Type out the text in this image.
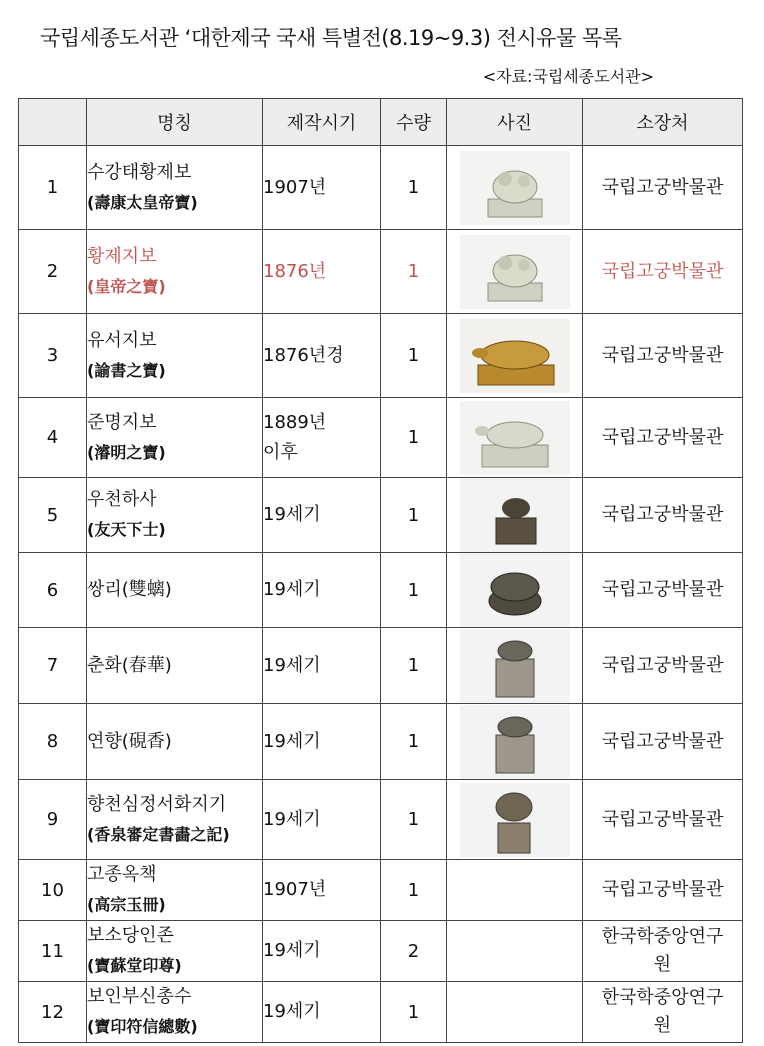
국립세종도서관 ‘대한제국 국새 특별전(8.19~9.3) 전시유물 목록
<자료:국립세종도서관>
	명칭	제작시기	수량	사진	소장처
1	수강태황제보
(壽康太皇帝寶)	1907년	1		국립고궁박물관
2	황제지보
(皇帝之寶)	1876년	1		국립고궁박물관
3	유서지보
(諭書之寶)	1876년경	1		국립고궁박물관
4	준명지보
(濬明之寶)	1889년
이후	1		국립고궁박물관
5	우천하사
(友天下士)	19세기	1		국립고궁박물관
6	쌍리(雙螭)	19세기	1		국립고궁박물관
7	춘화(春華)	19세기	1		국립고궁박물관
8	연향(硯香)	19세기	1		국립고궁박물관
9	향천심정서화지기
(香泉審定書畵之記)	19세기	1		국립고궁박물관
10	고종옥책
(高宗玉冊)	1907년	1		국립고궁박물관
11	보소당인존
(寶蘇堂印尊)	19세기	2		한국학중앙연구
원
12	보인부신총수
(寶印符信總數)	19세기	1		한국학중앙연구
원
